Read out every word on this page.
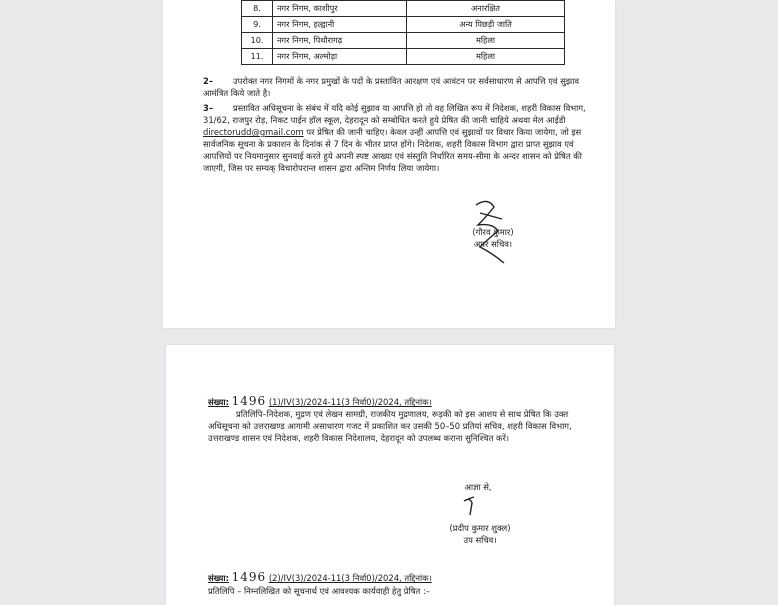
8.	नगर निगम, काशीपुर	अनारक्षित
9.	नगर निगम, हल्द्वानी	अन्य पिछड़ी जाति
10.	नगर निगम, पिथौरागढ़	महिला
11.	नगर निगम, अल्मोड़ा	महिला

2– उपरोक्त नगर निगमों के नगर प्रमुखों के पदों के प्रस्तावित आरक्षण एवं आवंटन पर सर्वसाधारण से आपत्ति एवं सुझाव आमंत्रित किये जाते है।

3– प्रस्तावित अधिसूचना के संबंध में यदि कोई सुझाव या आपत्ति हो तो वह लिखित रूप में निदेशक, शहरी विकास विभाग, 31/62, राजपुर रोड़, निकट पाईन हॉल स्कूल, देहरादून को सम्बोधित करते हुये प्रेषित की जानी चाहिये अथवा मेल आईडी directorudd@gmail.com पर प्रेषित की जानी चाहिए। केवल उन्हीं आपत्ति एवं सुझावों पर विचार किया जायेगा, जो इस सार्वजनिक सूचना के प्रकाशन के दिनांक से 7 दिन के भीतर प्राप्त होंगे। निदेशक, शहरी विकास विभाग द्वारा प्राप्त सुझाव एवं आपत्तियों पर नियमानुसार सुनवाई करते हुये अपनी स्पष्ट आख्या एवं संस्तुति निर्धारित समय-सीमा के अन्दर शासन को प्रेषित की जाएगी, जिस पर सम्यक् विचारोपरान्त शासन द्वारा अन्तिम निर्णय लिया जायेगा।

(गौरव कुमार)
अपर सचिव।
संख्या: 1496 (1)/IV(3)/2024-11(3 निर्वा0)/2024, तद्दिनांक।

प्रतिलिपि–निदेशक, मुद्रण एवं लेखन सामग्री, राजकीय मुद्रणालय, रूड़की को इस आशय से साथ प्रेषित कि उक्त अधिसूचना को उत्तराखण्ड आगामी असाधारण गजट में प्रकाशित कर उसकी 50–50 प्रतियां सचिव, शहरी विकास विभाग, उत्तराखण्ड शासन एवं निदेशक, शहरी विकास निदेशालय, देहरादून को उपलब्ध कराना सुनिश्चित करें।

आज्ञा से,
(प्रदीप कुमार शुक्ल)
उप सचिव।
संख्या: 1496 (2)/IV(3)/2024-11(3 निर्वा0)/2024, तद्दिनांक।
प्रतिलिपि – निम्नलिखित को सूचनार्थ एवं आवश्यक कार्यवाही हेतु प्रेषित :–
